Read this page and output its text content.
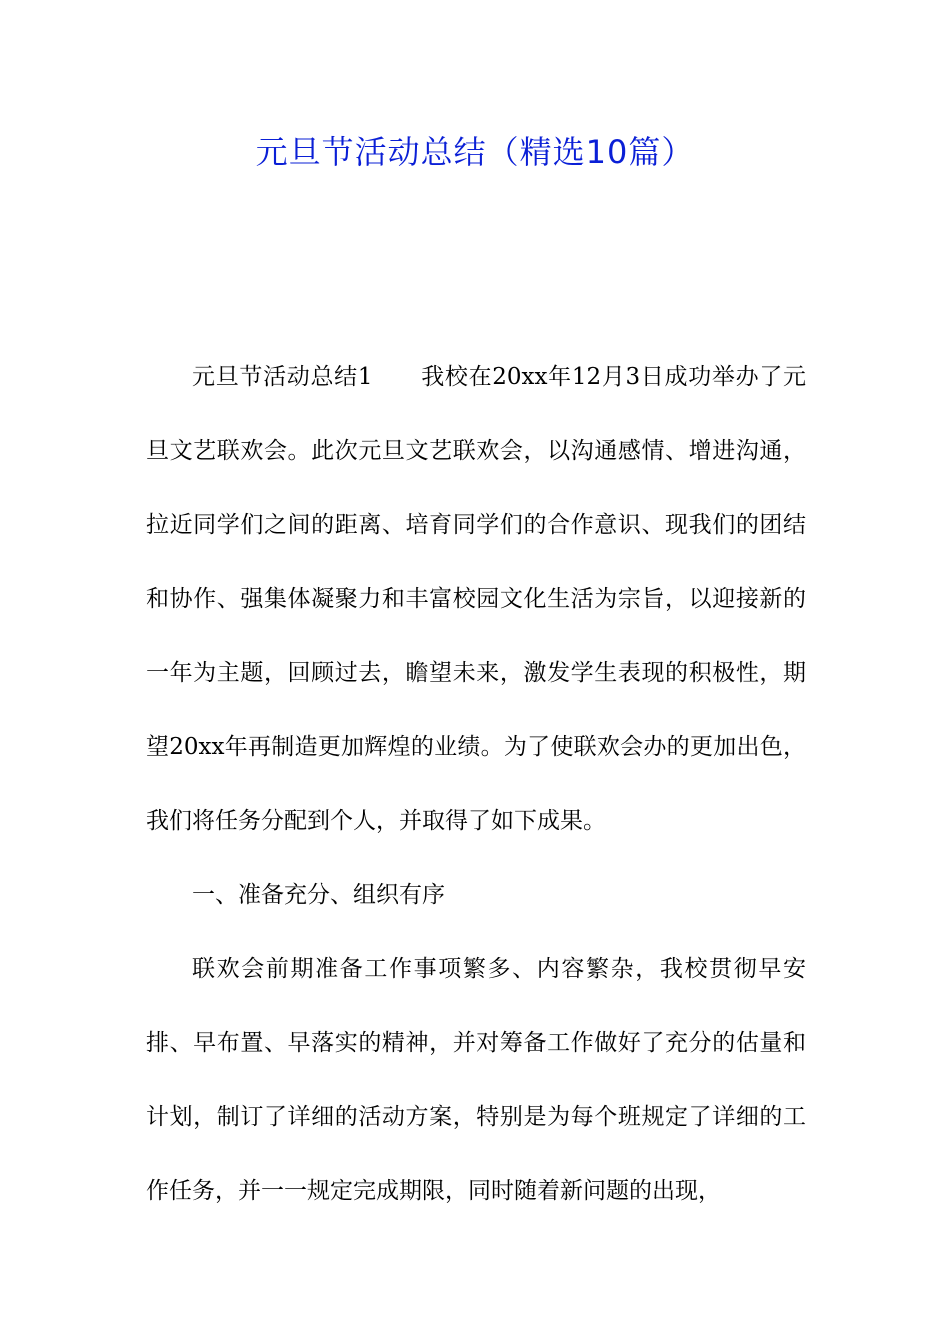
元旦节活动总结（精选10篇）

元旦节活动总结1 我校在20xx年12月3日成功举办了元旦文艺联欢会。此次元旦文艺联欢会，以沟通感情、增进沟通，拉近同学们之间的距离、培育同学们的合作意识、现我们的团结和协作、强集体凝聚力和丰富校园文化生活为宗旨，以迎接新的一年为主题，回顾过去，瞻望未来，激发学生表现的积极性，期望20xx年再制造更加辉煌的业绩。为了使联欢会办的更加出色，我们将任务分配到个人，并取得了如下成果。

一、准备充分、组织有序

联欢会前期准备工作事项繁多、内容繁杂，我校贯彻早安排、早布置、早落实的精神，并对筹备工作做好了充分的估量和计划，制订了详细的活动方案，特别是为每个班规定了详细的工作任务，并一一规定完成期限，同时随着新问题的出现，
